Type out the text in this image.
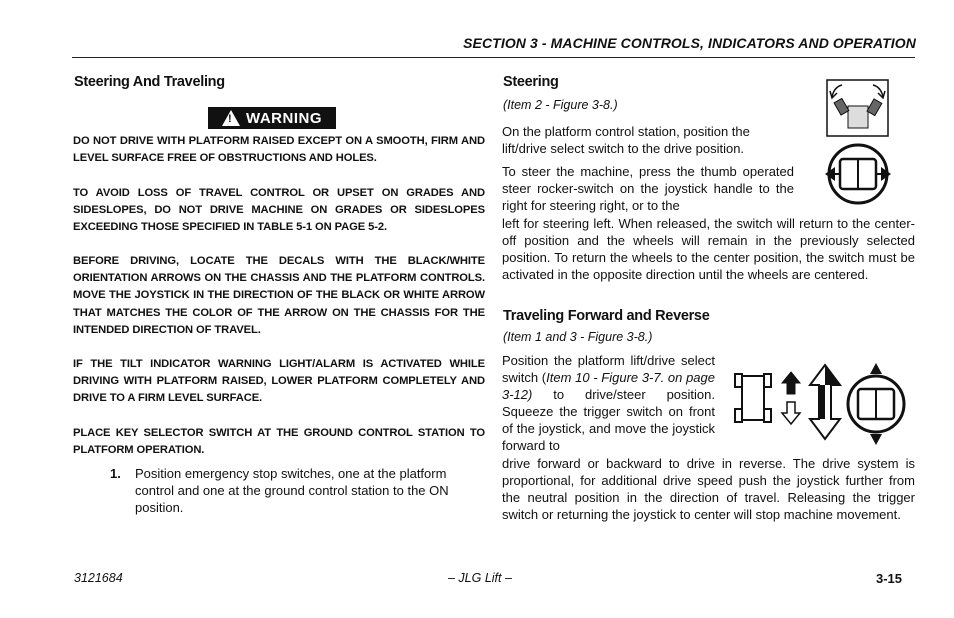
SECTION 3 - MACHINE CONTROLS, INDICATORS AND OPERATION
Steering And Traveling
! WARNING
DO NOT DRIVE WITH PLATFORM RAISED EXCEPT ON A SMOOTH, FIRM AND LEVEL SURFACE FREE OF OBSTRUCTIONS AND HOLES.
TO AVOID LOSS OF TRAVEL CONTROL OR UPSET ON GRADES AND SIDESLOPES, DO NOT DRIVE MACHINE ON GRADES OR SIDESLOPES EXCEEDING THOSE SPECIFIED IN TABLE 5-1 ON PAGE 5-2.
BEFORE DRIVING, LOCATE THE DECALS WITH THE BLACK/WHITE ORIENTATION ARROWS ON THE CHASSIS AND THE PLATFORM CONTROLS. MOVE THE JOYSTICK IN THE DIRECTION OF THE BLACK OR WHITE ARROW THAT MATCHES THE COLOR OF THE ARROW ON THE CHASSIS FOR THE INTENDED DIRECTION OF TRAVEL.
IF THE TILT INDICATOR WARNING LIGHT/ALARM IS ACTIVATED WHILE DRIVING WITH PLATFORM RAISED, LOWER PLATFORM COMPLETELY AND DRIVE TO A FIRM LEVEL SURFACE.
PLACE KEY SELECTOR SWITCH AT THE GROUND CONTROL STATION TO PLATFORM OPERATION.
1. Position emergency stop switches, one at the platform control and one at the ground control station to the ON position.
Steering
(Item 2 - Figure 3-8.)
On the platform control station, position the lift/drive select switch to the drive position.
To steer the machine, press the thumb operated steer rocker-switch on the joystick handle to the right for steering right, or to the
left for steering left. When released, the switch will return to the center-off position and the wheels will remain in the previously selected position. To return the wheels to the center position, the switch must be activated in the opposite direction until the wheels are centered.
Traveling Forward and Reverse
(Item 1 and 3 - Figure 3-8.)
Position the platform lift/drive select switch (Item 10 - Figure 3-7. on page 3-12) to drive/steer position. Squeeze the trigger switch on front of the joystick, and move the joystick forward to
drive forward or backward to drive in reverse. The drive system is proportional, for additional drive speed push the joystick further from the neutral position in the direction of travel. Releasing the trigger switch or returning the joystick to center will stop machine movement.
3121684	– JLG Lift –	3-15
